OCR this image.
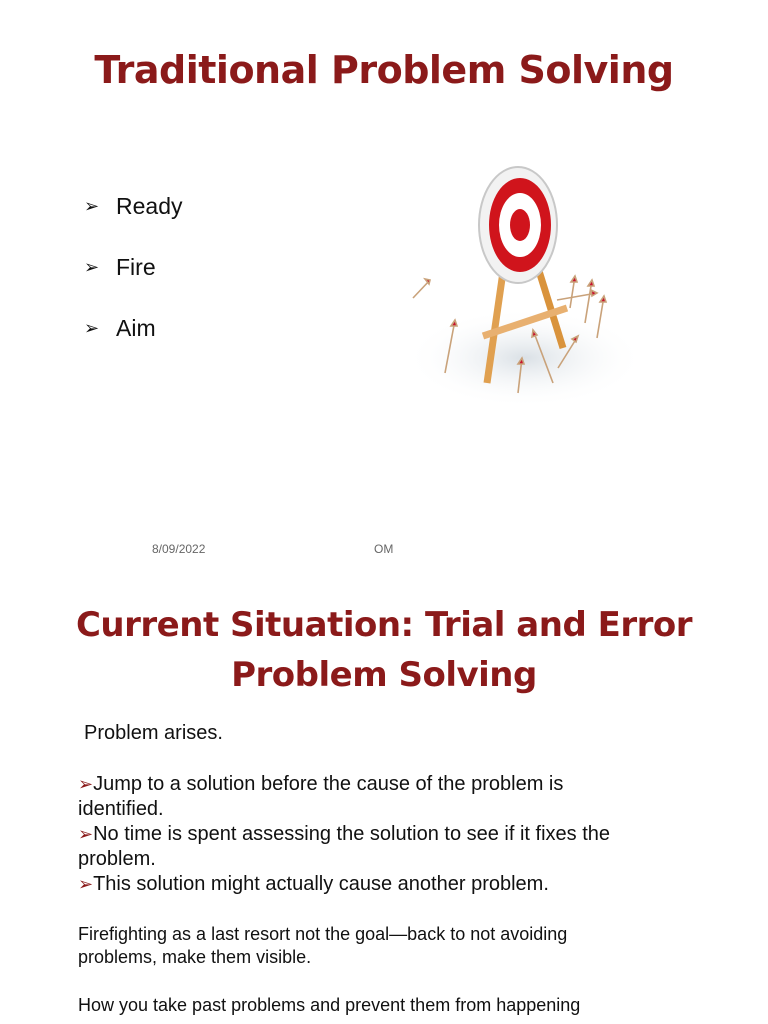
Traditional Problem Solving
➢ Ready
➢ Fire
➢ Aim
8/09/2022	OM
Current Situation: Trial and Error
Problem Solving
Problem arises.
➢Jump to a solution before the cause of the problem is identified.
➢No time is spent assessing the solution to see if it fixes the problem.
➢This solution might actually cause another problem.
Firefighting as a last resort not the goal—back to not avoiding problems, make them visible.
How you take past problems and prevent them from happening
